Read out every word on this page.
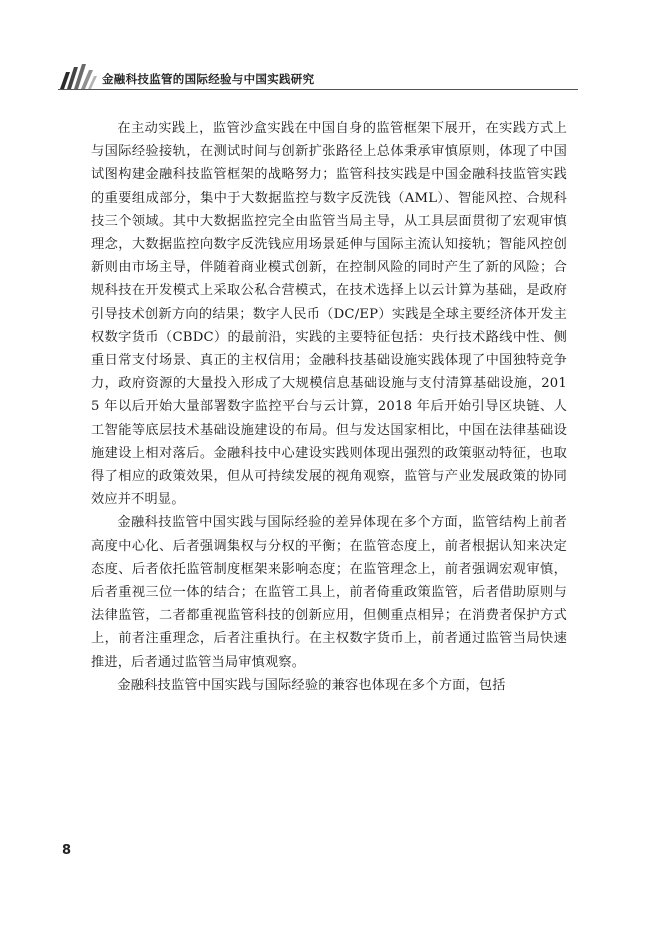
金融科技监管的国际经验与中国实践研究

在主动实践上，监管沙盒实践在中国自身的监管框架下展开，在实践方式上与国际经验接轨，在测试时间与创新扩张路径上总体秉承审慎原则，体现了中国试图构建金融科技监管框架的战略努力；监管科技实践是中国金融科技监管实践的重要组成部分，集中于大数据监控与数字反洗钱（AML）、智能风控、合规科技三个领域。其中大数据监控完全由监管当局主导，从工具层面贯彻了宏观审慎理念，大数据监控向数字反洗钱应用场景延伸与国际主流认知接轨；智能风控创新则由市场主导，伴随着商业模式创新，在控制风险的同时产生了新的风险；合规科技在开发模式上采取公私合营模式，在技术选择上以云计算为基础，是政府引导技术创新方向的结果；数字人民币（DC/EP）实践是全球主要经济体开发主权数字货币（CBDC）的最前沿，实践的主要特征包括：央行技术路线中性、侧重日常支付场景、真正的主权信用；金融科技基础设施实践体现了中国独特竞争力，政府资源的大量投入形成了大规模信息基础设施与支付清算基础设施，2015 年以后开始大量部署数字监控平台与云计算，2018 年后开始引导区块链、人工智能等底层技术基础设施建设的布局。但与发达国家相比，中国在法律基础设施建设上相对落后。金融科技中心建设实践则体现出强烈的政策驱动特征，也取得了相应的政策效果，但从可持续发展的视角观察，监管与产业发展政策的协同效应并不明显。

金融科技监管中国实践与国际经验的差异体现在多个方面，监管结构上前者高度中心化、后者强调集权与分权的平衡；在监管态度上，前者根据认知来决定态度、后者依托监管制度框架来影响态度；在监管理念上，前者强调宏观审慎，后者重视三位一体的结合；在监管工具上，前者倚重政策监管，后者借助原则与法律监管，二者都重视监管科技的创新应用，但侧重点相异；在消费者保护方式上，前者注重理念，后者注重执行。在主权数字货币上，前者通过监管当局快速推进，后者通过监管当局审慎观察。

金融科技监管中国实践与国际经验的兼容也体现在多个方面，包括

8
